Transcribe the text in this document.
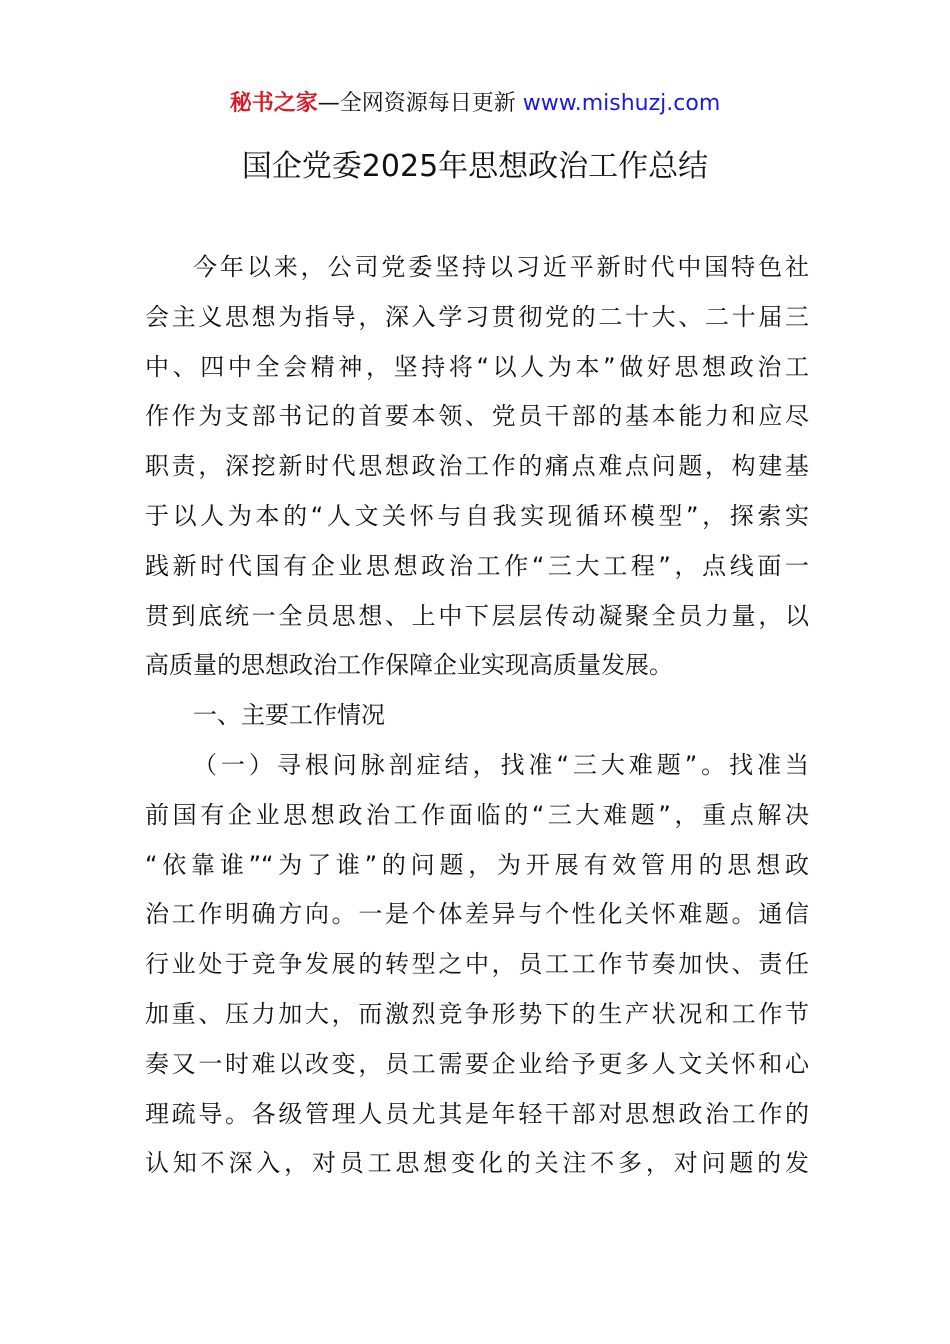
秘书之家—全网资源每日更新 www.mishuzj.com
国企党委2025年思想政治工作总结

今年以来，公司党委坚持以习近平新时代中国特色社
会主义思想为指导，深入学习贯彻党的二十大、二十届三
中、四中全会精神，坚持将“以人为本”做好思想政治工
作作为支部书记的首要本领、党员干部的基本能力和应尽
职责，深挖新时代思想政治工作的痛点难点问题，构建基
于以人为本的“人文关怀与自我实现循环模型”，探索实
践新时代国有企业思想政治工作“三大工程”，点线面一
贯到底统一全员思想、上中下层层传动凝聚全员力量，以
高质量的思想政治工作保障企业实现高质量发展。

一、主要工作情况

（一）寻根问脉剖症结，找准“三大难题”。找准当
前国有企业思想政治工作面临的“三大难题”，重点解决
“依靠谁”“为了谁”的问题，为开展有效管用的思想政
治工作明确方向。一是个体差异与个性化关怀难题。通信
行业处于竞争发展的转型之中，员工工作节奏加快、责任
加重、压力加大，而激烈竞争形势下的生产状况和工作节
奏又一时难以改变，员工需要企业给予更多人文关怀和心
理疏导。各级管理人员尤其是年轻干部对思想政治工作的
认知不深入，对员工思想变化的关注不多，对问题的发
